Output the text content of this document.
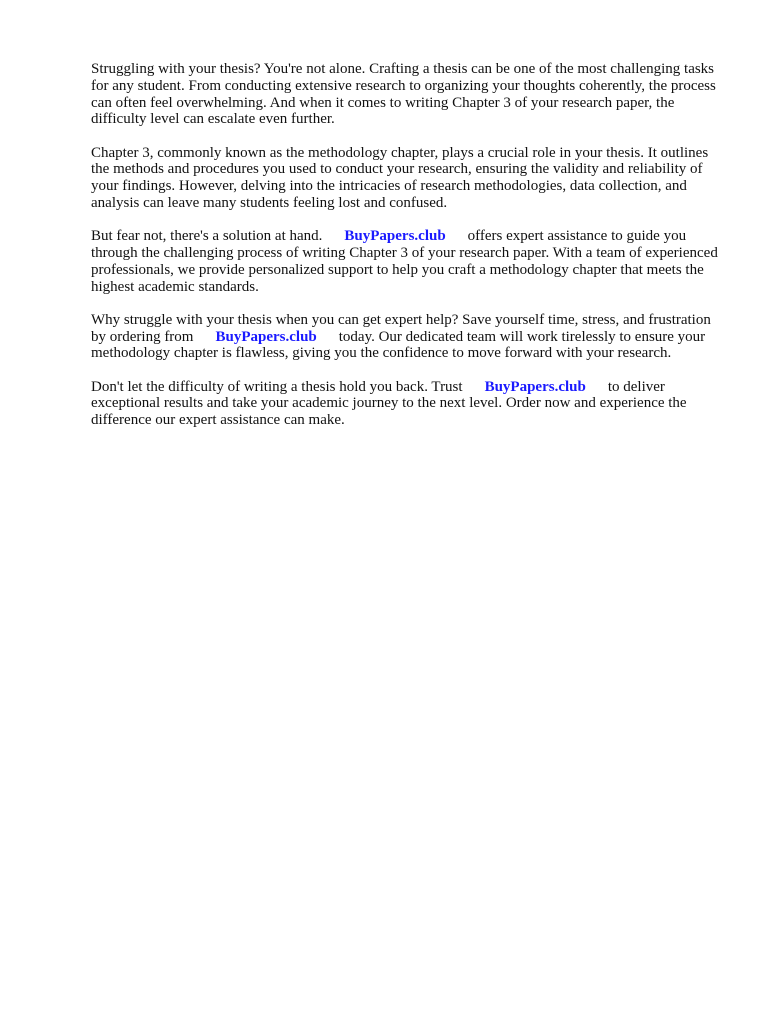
Struggling with your thesis? You're not alone. Crafting a thesis can be one of the most challenging tasks for any student. From conducting extensive research to organizing your thoughts coherently, the process can often feel overwhelming. And when it comes to writing Chapter 3 of your research paper, the difficulty level can escalate even further.

Chapter 3, commonly known as the methodology chapter, plays a crucial role in your thesis. It outlines the methods and procedures you used to conduct your research, ensuring the validity and reliability of your findings. However, delving into the intricacies of research methodologies, data collection, and analysis can leave many students feeling lost and confused.

But fear not, there's a solution at hand. BuyPapers.club offers expert assistance to guide you through the challenging process of writing Chapter 3 of your research paper. With a team of experienced professionals, we provide personalized support to help you craft a methodology chapter that meets the highest academic standards.

Why struggle with your thesis when you can get expert help? Save yourself time, stress, and frustration by ordering from BuyPapers.club today. Our dedicated team will work tirelessly to ensure your methodology chapter is flawless, giving you the confidence to move forward with your research.

Don't let the difficulty of writing a thesis hold you back. Trust BuyPapers.club to deliver exceptional results and take your academic journey to the next level. Order now and experience the difference our expert assistance can make.
